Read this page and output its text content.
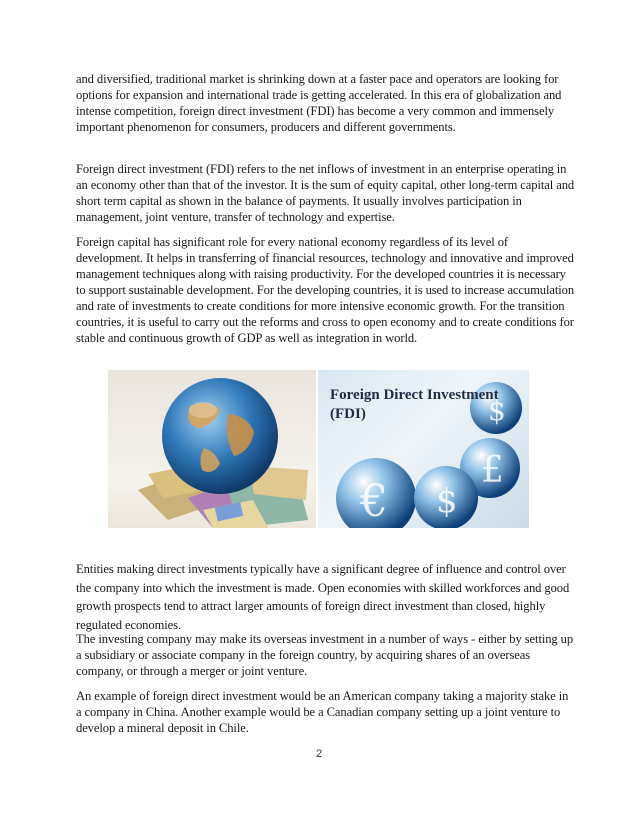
and diversified, traditional market is shrinking down at a faster pace and operators are looking for options for expansion and international trade is getting accelerated. In this era of globalization and intense competition, foreign direct investment (FDI) has become a very common and immensely important phenomenon for consumers, producers and different governments.

Foreign direct investment (FDI) refers to the net inflows of investment in an enterprise operating in an economy other than that of the investor. It is the sum of equity capital, other long-term capital and short term capital as shown in the balance of payments. It usually involves participation in management, joint venture, transfer of technology and expertise.

Foreign capital has significant role for every national economy regardless of its level of development. It helps in transferring of financial resources, technology and innovative and improved management techniques along with raising productivity. For the developed countries it is necessary to support sustainable development. For the developing countries, it is used to increase accumulation and rate of investments to create conditions for more intensive economic growth. For the transition countries, it is useful to carry out the reforms and cross to open economy and to create conditions for stable and continuous growth of GDP as well as integration in world.

£
€ $
$

Foreign Direct Investment (FDI)

Entities making direct investments typically have a significant degree of influence and control over the company into which the investment is made. Open economies with skilled workforces and good growth prospects tend to attract larger amounts of foreign direct investment than closed, highly regulated economies.

The investing company may make its overseas investment in a number of ways - either by setting up a subsidiary or associate company in the foreign country, by acquiring shares of an overseas company, or through a merger or joint venture.

An example of foreign direct investment would be an American company taking a majority stake in a company in China. Another example would be a Canadian company setting up a joint venture to develop a mineral deposit in Chile.

2
